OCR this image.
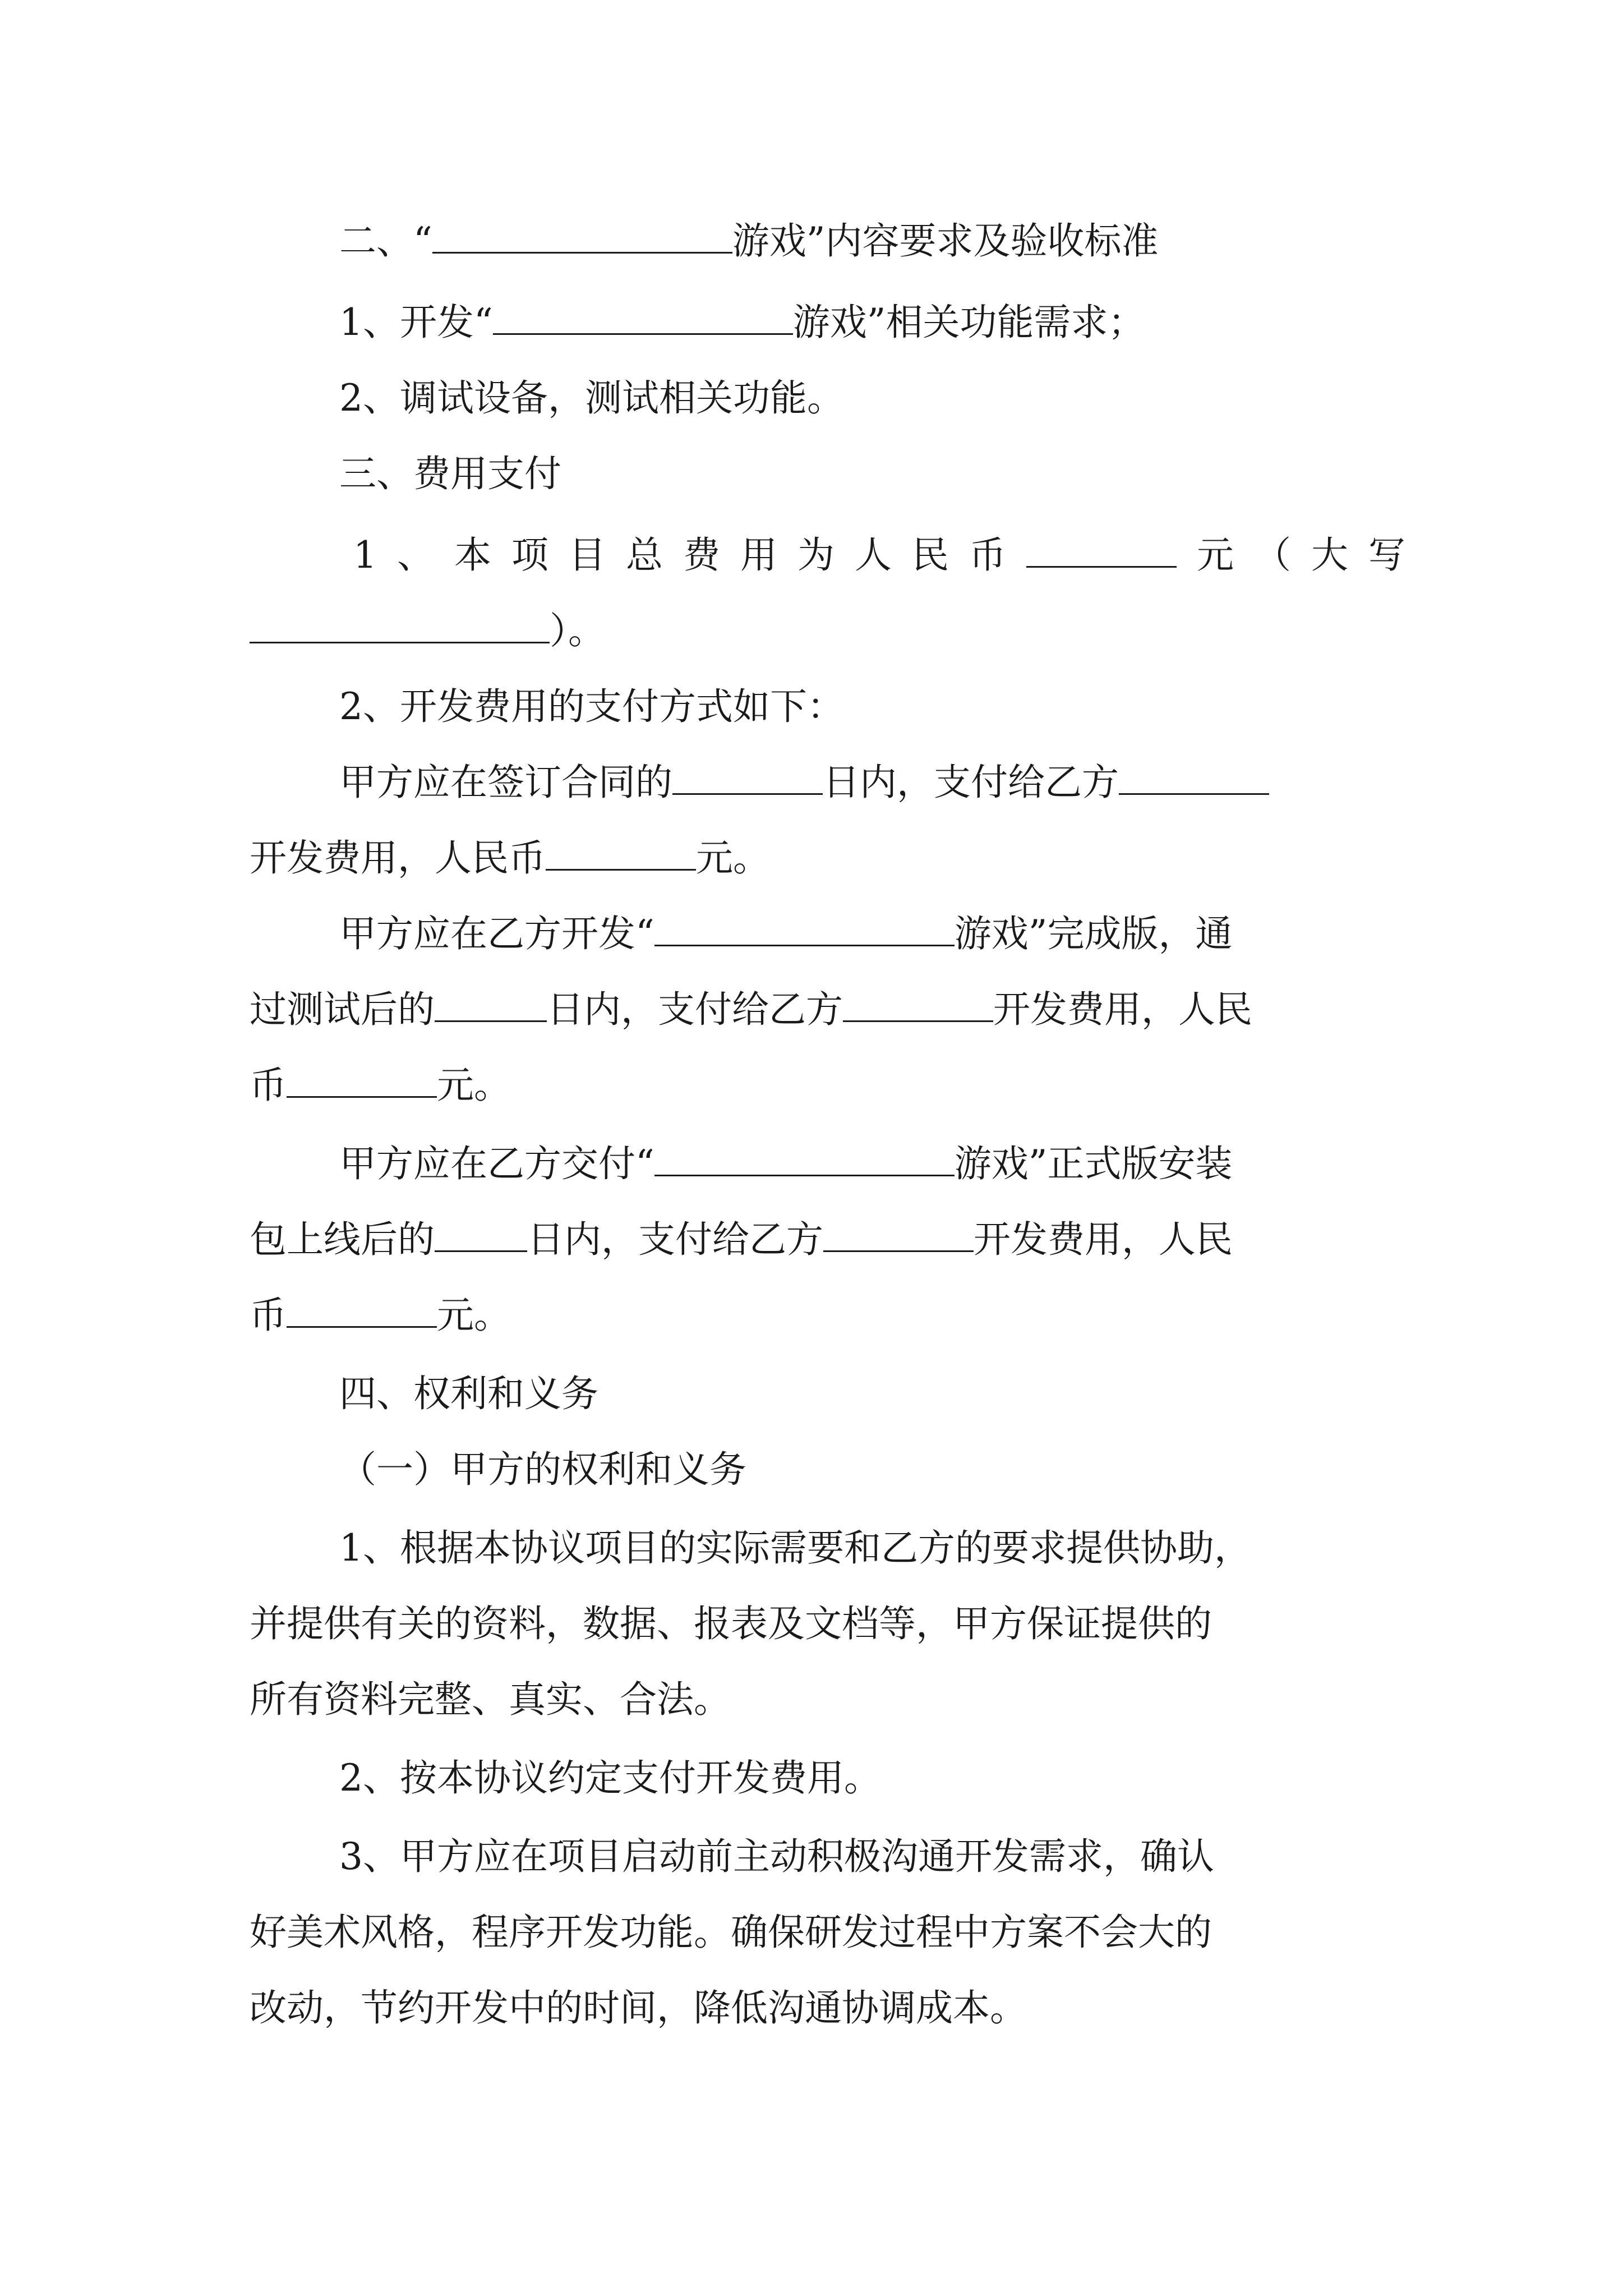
二、“	游戏”内容要求及验收标准
1、开发“	游戏”相关功能需求；
2、调试设备，测试相关功能。
三、费用支付
1、本项目总费用为人民币	元（大写
）。
2、开发费用的支付方式如下：
甲方应在签订合同的	日内，支付给乙方
开发费用，人民币	元。
甲方应在乙方开发“	游戏”完成版，通
过测试后的	日内，支付给乙方	开发费用，人民
币	元。
甲方应在乙方交付“	游戏”正式版安装
包上线后的	日内，支付给乙方	开发费用，人民
币	元。
四、权利和义务
（一）甲方的权利和义务
1、根据本协议项目的实际需要和乙方的要求提供协助，
并提供有关的资料，数据、报表及文档等，甲方保证提供的
所有资料完整、真实、合法。
2、按本协议约定支付开发费用。
3、甲方应在项目启动前主动积极沟通开发需求，确认
好美术风格，程序开发功能。确保研发过程中方案不会大的
改动，节约开发中的时间，降低沟通协调成本。
